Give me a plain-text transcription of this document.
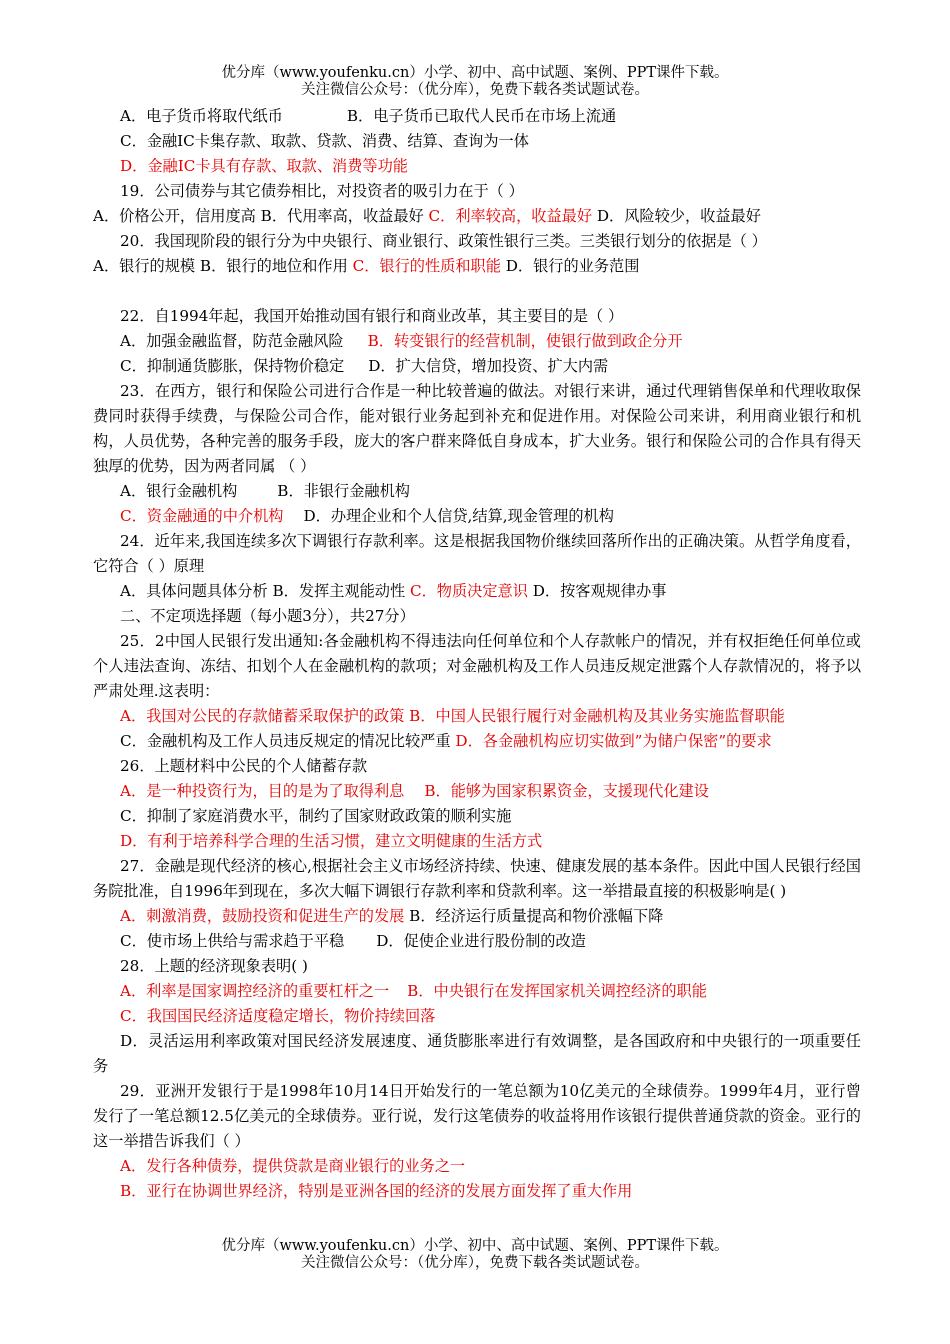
优分库（www.youfenku.cn）小学、初中、高中试题、案例、PPT课件下载。
关注微信公众号：（优分库），免费下载各类试题试卷。

A．电子货币将取代纸币	B．电子货币已取代人民币在市场上流通

C．金融IC卡集存款、取款、贷款、消费、结算、查询为一体

D．金融IC卡具有存款、取款、消费等功能

19．公司债券与其它债券相比，对投资者的吸引力在于（ ）

A．价格公开，信用度高 B．代用率高，收益最好 C．利率较高，收益最好 D．风险较少，收益最好

20．我国现阶段的银行分为中央银行、商业银行、政策性银行三类。三类银行划分的依据是（ ）

A．银行的规模 B．银行的地位和作用 C．银行的性质和职能 D．银行的业务范围

22．自1994年起，我国开始推动国有银行和商业改革，其主要目的是（ ）

A．加强金融监督，防范金融风险 B．转变银行的经营机制，使银行做到政企分开

C．抑制通货膨胀，保持物价稳定 D．扩大信贷，增加投资、扩大内需

23．在西方，银行和保险公司进行合作是一种比较普遍的做法。对银行来讲，通过代理销售保单和代理收取保费同时获得手续费，与保险公司合作，能对银行业务起到补充和促进作用。对保险公司来讲，利用商业银行和机构，人员优势，各种完善的服务手段，庞大的客户群来降低自身成本，扩大业务。银行和保险公司的合作具有得天独厚的优势，因为两者同属 （ ）

A．银行金融机构	B．非银行金融机构

C．资金融通的中介机构 D．办理企业和个人信贷,结算,现金管理的机构

24．近年来,我国连续多次下调银行存款利率。这是根据我国物价继续回落所作出的正确决策。从哲学角度看，它符合（ ）原理

A．具体问题具体分析 B．发挥主观能动性 C．物质决定意识 D．按客观规律办事

二、不定项选择题（每小题3分），共27分）

25．2中国人民银行发出通知:各金融机构不得违法向任何单位和个人存款帐户的情况，并有权拒绝任何单位或个人违法查询、冻结、扣划个人在金融机构的款项；对金融机构及工作人员违反规定泄露个人存款情况的，将予以严肃处理.这表明：

A．我国对公民的存款储蓄采取保护的政策 B．中国人民银行履行对金融机构及其业务实施监督职能

C．金融机构及工作人员违反规定的情况比较严重 D．各金融机构应切实做到”为储户保密”的要求

26．上题材料中公民的个人储蓄存款

A．是一种投资行为，目的是为了取得利息 B．能够为国家积累资金，支援现代化建设

C．抑制了家庭消费水平，制约了国家财政政策的顺利实施

D．有利于培养科学合理的生活习惯，建立文明健康的生活方式

27．金融是现代经济的核心,根据社会主义市场经济持续、快速、健康发展的基本条件。因此中国人民银行经国务院批准，自1996年到现在，多次大幅下调银行存款利率和贷款利率。这一举措最直接的积极影响是( )

A．刺激消费，鼓励投资和促进生产的发展 B．经济运行质量提高和物价涨幅下降

C．使市场上供给与需求趋于平稳 D．促使企业进行股份制的改造

28．上题的经济现象表明( )

A．利率是国家调控经济的重要杠杆之一 B．中央银行在发挥国家机关调控经济的职能

C．我国国民经济适度稳定增长，物价持续回落

D．灵活运用利率政策对国民经济发展速度、通货膨胀率进行有效调整，是各国政府和中央银行的一项重要任务

29．亚洲开发银行于是1998年10月14日开始发行的一笔总额为10亿美元的全球债券。1999年4月，亚行曾发行了一笔总额12.5亿美元的全球债券。亚行说，发行这笔债券的收益将用作该银行提供普通贷款的资金。亚行的这一举措告诉我们（ ）

A．发行各种债券，提供贷款是商业银行的业务之一

B．亚行在协调世界经济，特别是亚洲各国的经济的发展方面发挥了重大作用

优分库（www.youfenku.cn）小学、初中、高中试题、案例、PPT课件下载。
关注微信公众号：（优分库），免费下载各类试题试卷。
